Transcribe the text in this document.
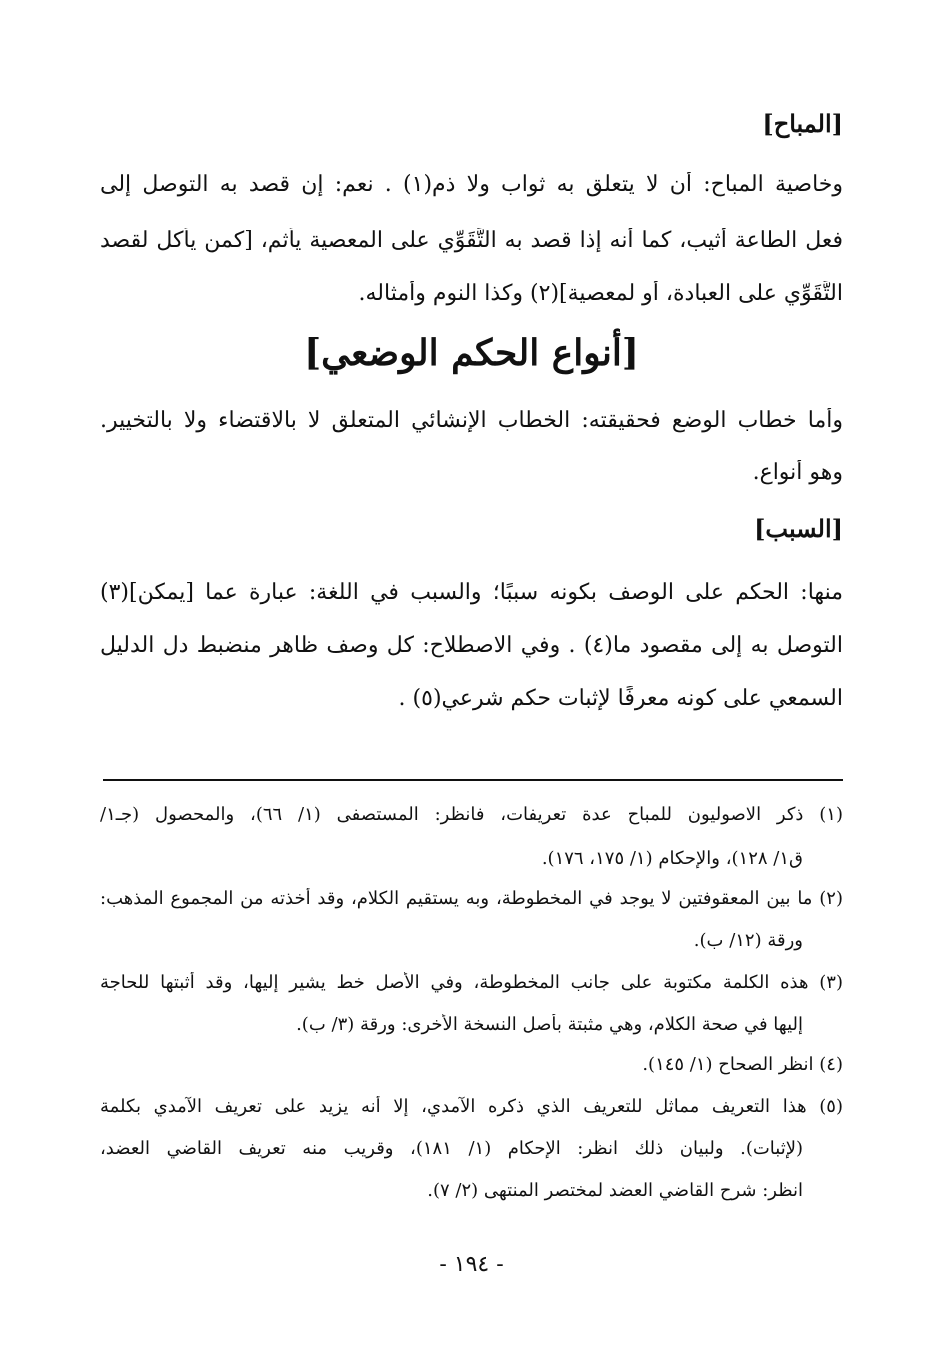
[المباح]
وخاصية المباح: أن لا يتعلق به ثواب ولا ذم(١) . نعم: إن قصد به التوصل إلى
فعل الطاعة أثيب، كما أنه إذا قصد به التَّقَوِّي على المعصية يأثم، [كمن يأكل لقصد
التَّقَوِّي على العبادة، أو لمعصية](٢) وكذا النوم وأمثاله.
[أنواع الحكم الوضعي]
وأما خطاب الوضع فحقيقته: الخطاب الإنشائي المتعلق لا بالاقتضاء ولا بالتخيير.
وهو أنواع.
[السبب]
منها: الحكم على الوصف بكونه سببًا؛ والسبب في اللغة: عبارة عما [يمكن](٣)
التوصل به إلى مقصود ما(٤) . وفي الاصطلاح: كل وصف ظاهر منضبط دل الدليل
السمعي على كونه معرفًا لإثبات حكم شرعي(٥) .
(١) ذكر الاصوليون للمباح عدة تعريفات، فانظر: المستصفى (١/ ٦٦)، والمحصول (جـ١/
ق١/ ١٢٨)، والإحكام (١/ ١٧٥، ١٧٦).
(٢) ما بين المعقوفتين لا يوجد في المخطوطة، وبه يستقيم الكلام، وقد أخذته من المجموع المذهب:
ورقة (١٢/ ب).
(٣) هذه الكلمة مكتوبة على جانب المخطوطة، وفي الأصل خط يشير إليها، وقد أثبتها للحاجة
إليها في صحة الكلام، وهي مثبتة بأصل النسخة الأخرى: ورقة (٣/ ب).
(٤) انظر الصحاح (١/ ١٤٥).
(٥) هذا التعريف مماثل للتعريف الذي ذكره الآمدي، إلا أنه يزيد على تعريف الآمدي بكلمة
(لإثبات). ولبيان ذلك انظر: الإحكام (١/ ١٨١)، وقريب منه تعريف القاضي العضد،
انظر: شرح القاضي العضد لمختصر المنتهى (٢/ ٧).
- ١٩٤ -
